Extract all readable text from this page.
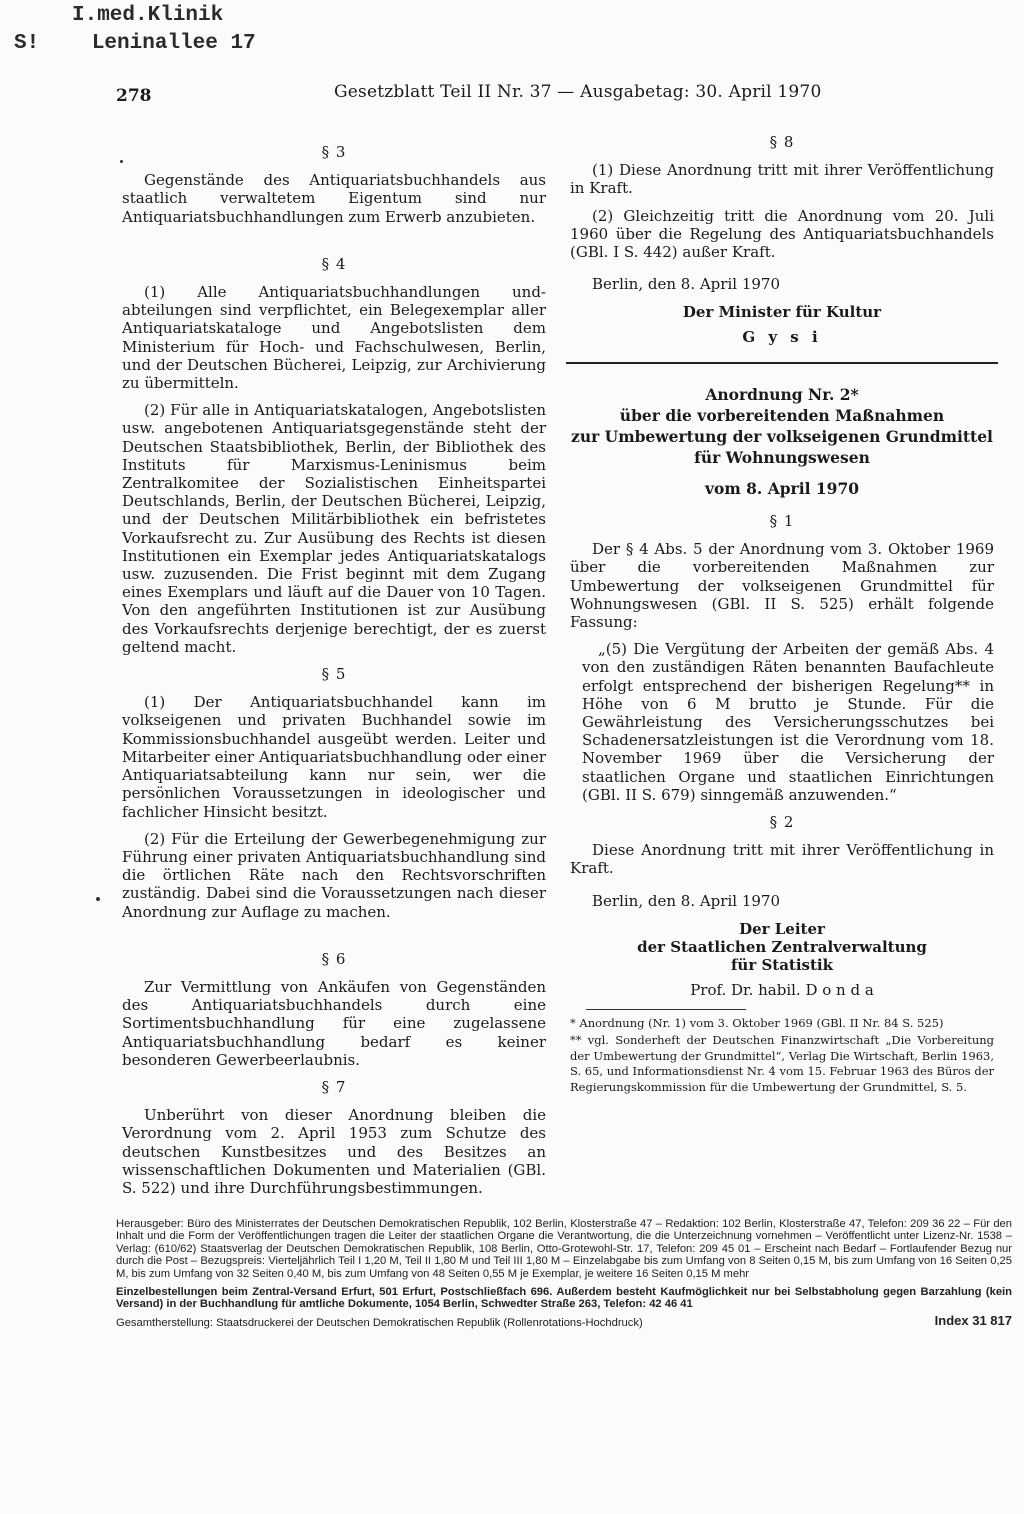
I.med.Klinik
S!	Leninallee 17
278	Gesetzblatt Teil II Nr. 37 — Ausgabetag: 30. April 1970
§ 3

Gegenstände des Antiquariatsbuchhandels aus staatlich verwaltetem Eigentum sind nur Antiquariatsbuchhandlungen zum Erwerb anzubieten.

§ 4

(1) Alle Antiquariatsbuchhandlungen und- abteilungen sind verpflichtet, ein Belegexemplar aller Antiquariatskataloge und Angebotslisten dem Ministerium für Hoch- und Fachschulwesen, Berlin, und der Deutschen Bücherei, Leipzig, zur Archivierung zu übermitteln.

(2) Für alle in Antiquariatskatalogen, Angebotslisten usw. angebotenen Antiquariatsgegenstände steht der Deutschen Staatsbibliothek, Berlin, der Bibliothek des Instituts für Marxismus-Leninismus beim Zentralkomitee der Sozialistischen Einheitspartei Deutschlands, Berlin, der Deutschen Bücherei, Leipzig, und der Deutschen Militärbibliothek ein befristetes Vorkaufsrecht zu. Zur Ausübung des Rechts ist diesen Institutionen ein Exemplar jedes Antiquariatskatalogs usw. zuzusenden. Die Frist beginnt mit dem Zugang eines Exemplars und läuft auf die Dauer von 10 Tagen. Von den angeführten Institutionen ist zur Ausübung des Vorkaufsrechts derjenige berechtigt, der es zuerst geltend macht.

§ 5

(1) Der Antiquariatsbuchhandel kann im volkseigenen und privaten Buchhandel sowie im Kommissionsbuchhandel ausgeübt werden. Leiter und Mitarbeiter einer Antiquariatsbuchhandlung oder einer Antiquariatsabteilung kann nur sein, wer die persönlichen Voraussetzungen in ideologischer und fachlicher Hinsicht besitzt.

(2) Für die Erteilung der Gewerbegenehmigung zur Führung einer privaten Antiquariatsbuchhandlung sind die örtlichen Räte nach den Rechtsvorschriften zuständig. Dabei sind die Voraussetzungen nach dieser Anordnung zur Auflage zu machen.

§ 6

Zur Vermittlung von Ankäufen von Gegenständen des Antiquariatsbuchhandels durch eine Sortimentsbuchhandlung für eine zugelassene Antiquariatsbuchhandlung bedarf es keiner besonderen Gewerbeerlaubnis.

§ 7

Unberührt von dieser Anordnung bleiben die Verordnung vom 2. April 1953 zum Schutze des deutschen Kunstbesitzes und des Besitzes an wissenschaftlichen Dokumenten und Materialien (GBl. S. 522) und ihre Durchführungsbestimmungen.

§ 8

(1) Diese Anordnung tritt mit ihrer Veröffentlichung in Kraft.

(2) Gleichzeitig tritt die Anordnung vom 20. Juli 1960 über die Regelung des Antiquariatsbuchhandels (GBl. I S. 442) außer Kraft.

Berlin, den 8. April 1970

Der Minister für Kultur
G y s i
Anordnung Nr. 2*
über die vorbereitenden Maßnahmen
zur Umbewertung der volkseigenen Grundmittel
für Wohnungswesen
vom 8. April 1970
§ 1

Der § 4 Abs. 5 der Anordnung vom 3. Oktober 1969 über die vorbereitenden Maßnahmen zur Umbewertung der volkseigenen Grundmittel für Wohnungswesen (GBl. II S. 525) erhält folgende Fassung:

„(5) Die Vergütung der Arbeiten der gemäß Abs. 4 von den zuständigen Räten benannten Baufachleute erfolgt entsprechend der bisherigen Regelung** in Höhe von 6 M brutto je Stunde. Für die Gewährleistung des Versicherungsschutzes bei Schadenersatzleistungen ist die Verordnung vom 18. November 1969 über die Versicherung der staatlichen Organe und staatlichen Einrichtungen (GBl. II S. 679) sinngemäß anzuwenden.“

§ 2

Diese Anordnung tritt mit ihrer Veröffentlichung in Kraft.

Berlin, den 8. April 1970

Der Leiter
der Staatlichen Zentralverwaltung
für Statistik
Prof. Dr. habil. D o n d a

* Anordnung (Nr. 1) vom 3. Oktober 1969 (GBl. II Nr. 84 S. 525)

** vgl. Sonderheft der Deutschen Finanzwirtschaft „Die Vorbereitung der Umbewertung der Grundmittel“, Verlag Die Wirtschaft, Berlin 1963, S. 65, und Informationsdienst Nr. 4 vom 15. Februar 1963 des Büros der Regierungskommission für die Umbewertung der Grundmittel, S. 5.

Herausgeber: Büro des Ministerrates der Deutschen Demokratischen Republik, 102 Berlin, Klosterstraße 47 – Redaktion: 102 Berlin, Klosterstraße 47, Telefon: 209 36 22 – Für den Inhalt und die Form der Veröffentlichungen tragen die Leiter der staatlichen Organe die Verantwortung, die die Unterzeichnung vornehmen – Veröffentlicht unter Lizenz-Nr. 1538 – Verlag: (610/62) Staatsverlag der Deutschen Demokratischen Republik, 108 Berlin, Otto-Grotewohl-Str. 17, Telefon: 209 45 01 – Erscheint nach Bedarf – Fortlaufender Bezug nur durch die Post – Bezugspreis: Vierteljährlich Teil I 1,20 M, Teil II 1,80 M und Teil III 1,80 M – Einzelabgabe bis zum Umfang von 8 Seiten 0,15 M, bis zum Umfang von 16 Seiten 0,25 M, bis zum Umfang von 32 Seiten 0,40 M, bis zum Umfang von 48 Seiten 0,55 M je Exemplar, je weitere 16 Seiten 0,15 M mehr

Einzelbestellungen beim Zentral-Versand Erfurt, 501 Erfurt, Postschließfach 696. Außerdem besteht Kaufmöglichkeit nur bei Selbstabholung gegen Barzahlung (kein Versand) in der Buchhandlung für amtliche Dokumente, 1054 Berlin, Schwedter Straße 263, Telefon: 42 46 41

Gesamtherstellung: Staatsdruckerei der Deutschen Demokratischen Republik (Rollenrotations-Hochdruck)	Index 31 817
